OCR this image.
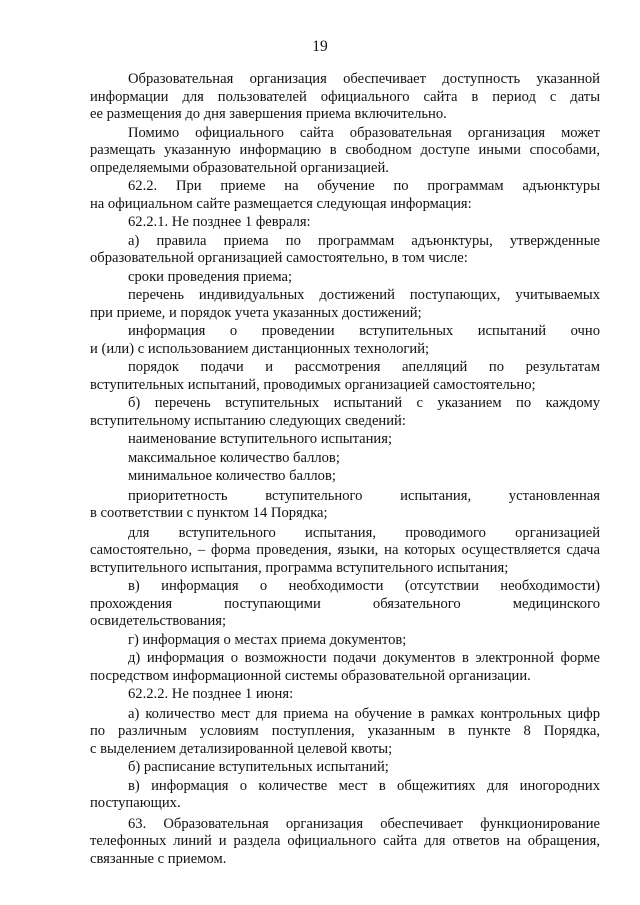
19
Образовательная организация обеспечивает доступность указанной
информации для пользователей официального сайта в период с даты
ее размещения до дня завершения приема включительно.
Помимо официального сайта образовательная организация может
размещать указанную информацию в свободном доступе иными способами,
определяемыми образовательной организацией.
62.2. При приеме на обучение по программам адъюнктуры
на официальном сайте размещается следующая информация:
62.2.1. Не позднее 1 февраля:
а) правила приема по программам адъюнктуры, утвержденные
образовательной организацией самостоятельно, в том числе:
сроки проведения приема;
перечень индивидуальных достижений поступающих, учитываемых
при приеме, и порядок учета указанных достижений;
информация о проведении вступительных испытаний очно
и (или) с использованием дистанционных технологий;
порядок подачи и рассмотрения апелляций по результатам
вступительных испытаний, проводимых организацией самостоятельно;
б) перечень вступительных испытаний с указанием по каждому
вступительному испытанию следующих сведений:
наименование вступительного испытания;
максимальное количество баллов;
минимальное количество баллов;
приоритетность вступительного испытания, установленная
в соответствии с пунктом 14 Порядка;
для вступительного испытания, проводимого организацией
самостоятельно, – форма проведения, языки, на которых осуществляется сдача
вступительного испытания, программа вступительного испытания;
в) информация о необходимости (отсутствии необходимости)
прохождения поступающими обязательного медицинского
освидетельствования;
г) информация о местах приема документов;
д) информация о возможности подачи документов в электронной форме
посредством информационной системы образовательной организации.
62.2.2. Не позднее 1 июня:
а) количество мест для приема на обучение в рамках контрольных цифр
по различным условиям поступления, указанным в пункте 8 Порядка,
с выделением детализированной целевой квоты;
б) расписание вступительных испытаний;
в) информация о количестве мест в общежитиях для иногородних
поступающих.
63. Образовательная организация обеспечивает функционирование
телефонных линий и раздела официального сайта для ответов на обращения,
связанные с приемом.
